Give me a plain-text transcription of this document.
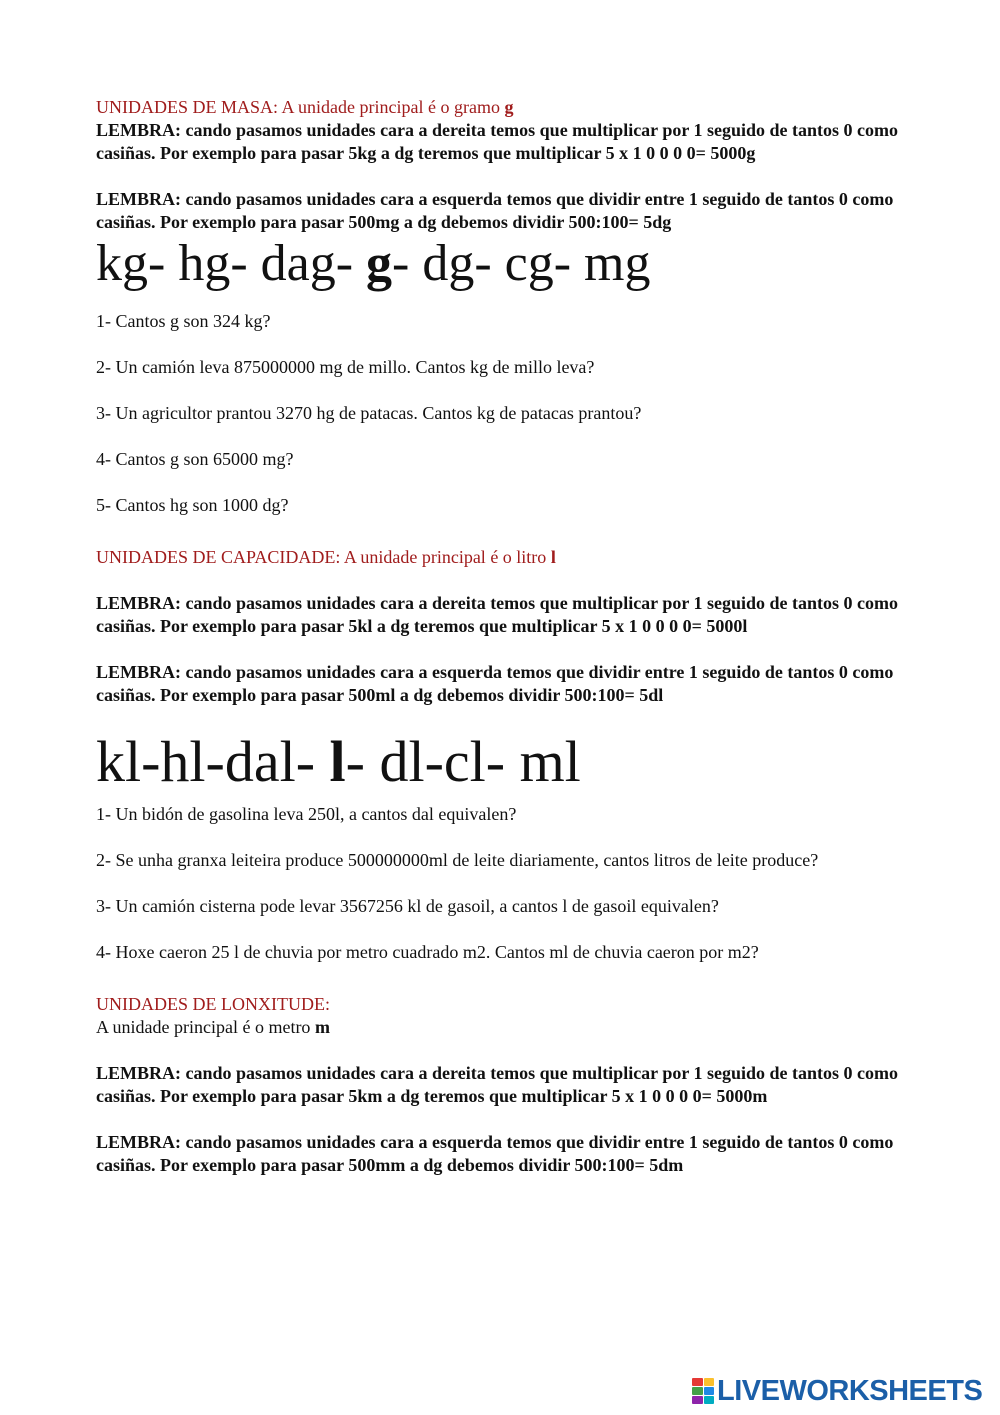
UNIDADES DE MASA: A unidade principal é o gramo g

LEMBRA: cando pasamos unidades cara a dereita temos que multiplicar por 1 seguido de tantos 0 como casiñas. Por exemplo para pasar 5kg a dg teremos que multiplicar 5 x 1 0 0 0 0= 5000g

LEMBRA: cando pasamos unidades cara a esquerda temos que dividir entre 1 seguido de tantos 0 como casiñas. Por exemplo para pasar 500mg a dg debemos dividir 500:100= 5dg

kg- hg- dag- g- dg- cg- mg

1- Cantos g son 324 kg?

2- Un camión leva 875000000 mg de millo. Cantos kg de millo leva?

3- Un agricultor prantou 3270 hg de patacas. Cantos kg de patacas prantou?

4- Cantos g son 65000 mg?

5- Cantos hg son 1000 dg?

UNIDADES DE CAPACIDADE: A unidade principal é o litro l

LEMBRA: cando pasamos unidades cara a dereita temos que multiplicar por 1 seguido de tantos 0 como casiñas. Por exemplo para pasar 5kl a dg teremos que multiplicar 5 x 1 0 0 0 0= 5000l

LEMBRA: cando pasamos unidades cara a esquerda temos que dividir entre 1 seguido de tantos 0 como casiñas. Por exemplo para pasar 500ml a dg debemos dividir 500:100= 5dl

kl-hl-dal- l- dl-cl- ml

1- Un bidón de gasolina leva 250l, a cantos dal equivalen?

2- Se unha granxa leiteira produce 500000000ml de leite diariamente, cantos litros de leite produce?

3- Un camión cisterna pode levar 3567256 kl de gasoil, a cantos l de gasoil equivalen?

4- Hoxe caeron 25 l de chuvia por metro cuadrado m2. Cantos ml de chuvia caeron por m2?

UNIDADES DE LONXITUDE:

A unidade principal é o metro m

LEMBRA: cando pasamos unidades cara a dereita temos que multiplicar por 1 seguido de tantos 0 como casiñas. Por exemplo para pasar 5km a dg teremos que multiplicar 5 x 1 0 0 0 0= 5000m

LEMBRA: cando pasamos unidades cara a esquerda temos que dividir entre 1 seguido de tantos 0 como casiñas. Por exemplo para pasar 500mm a dg debemos dividir 500:100= 5dm

LIVEWORKSHEETS
